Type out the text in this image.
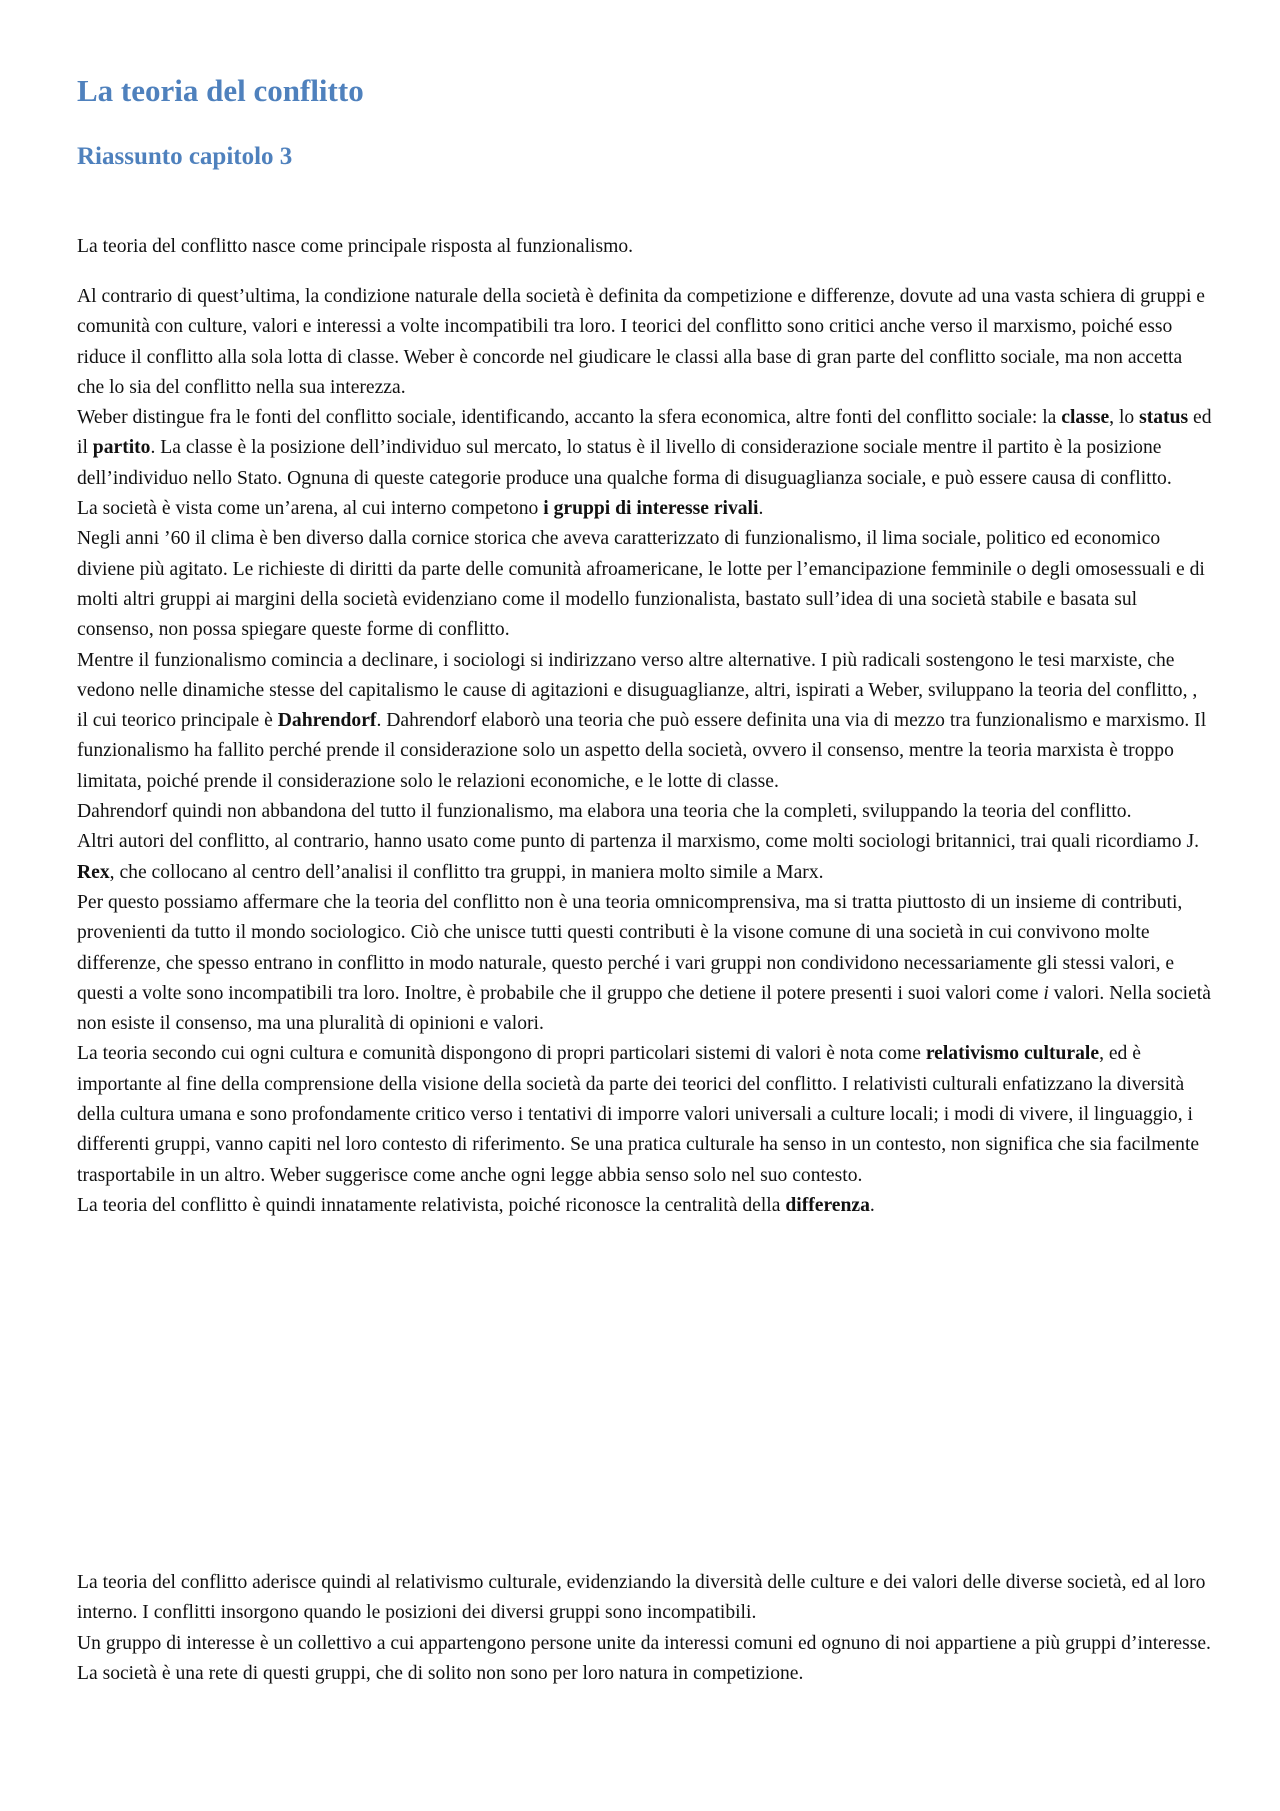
La teoria del conflitto
Riassunto capitolo 3

La teoria del conflitto nasce come principale risposta al funzionalismo.

Al contrario di quest’ultima, la condizione naturale della società è definita da competizione e differenze, dovute ad una vasta schiera di gruppi e comunità con culture, valori e interessi a volte incompatibili tra loro. I teorici del conflitto sono critici anche verso il marxismo, poiché esso riduce il conflitto alla sola lotta di classe. Weber è concorde nel giudicare le classi alla base di gran parte del conflitto sociale, ma non accetta che lo sia del conflitto nella sua interezza.

Weber distingue fra le fonti del conflitto sociale, identificando, accanto la sfera economica, altre fonti del conflitto sociale: la classe, lo status ed il partito. La classe è la posizione dell’individuo sul mercato, lo status è il livello di considerazione sociale mentre il partito è la posizione dell’individuo nello Stato. Ognuna di queste categorie produce una qualche forma di disuguaglianza sociale, e può essere causa di conflitto.

La società è vista come un’arena, al cui interno competono i gruppi di interesse rivali.

Negli anni ’60 il clima è ben diverso dalla cornice storica che aveva caratterizzato di funzionalismo, il lima sociale, politico ed economico diviene più agitato. Le richieste di diritti da parte delle comunità afroamericane, le lotte per l’emancipazione femminile o degli omosessuali e di molti altri gruppi ai margini della società evidenziano come il modello funzionalista, bastato sull’idea di una società stabile e basata sul consenso, non possa spiegare queste forme di conflitto.

Mentre il funzionalismo comincia a declinare, i sociologi si indirizzano verso altre alternative. I più radicali sostengono le tesi marxiste, che vedono nelle dinamiche stesse del capitalismo le cause di agitazioni e disuguaglianze, altri, ispirati a Weber, sviluppano la teoria del conflitto, , il cui teorico principale è Dahrendorf. Dahrendorf elaborò una teoria che può essere definita una via di mezzo tra funzionalismo e marxismo. Il funzionalismo ha fallito perché prende il considerazione solo un aspetto della società, ovvero il consenso, mentre la teoria marxista è troppo limitata, poiché prende il considerazione solo le relazioni economiche, e le lotte di classe.

Dahrendorf quindi non abbandona del tutto il funzionalismo, ma elabora una teoria che la completi, sviluppando la teoria del conflitto.

Altri autori del conflitto, al contrario, hanno usato come punto di partenza il marxismo, come molti sociologi britannici, trai quali ricordiamo J. Rex, che collocano al centro dell’analisi il conflitto tra gruppi, in maniera molto simile a Marx.

Per questo possiamo affermare che la teoria del conflitto non è una teoria omnicomprensiva, ma si tratta piuttosto di un insieme di contributi, provenienti da tutto il mondo sociologico. Ciò che unisce tutti questi contributi è la visone comune di una società in cui convivono molte differenze, che spesso entrano in conflitto in modo naturale, questo perché i vari gruppi non condividono necessariamente gli stessi valori, e questi a volte sono incompatibili tra loro. Inoltre, è probabile che il gruppo che detiene il potere presenti i suoi valori come i valori. Nella società non esiste il consenso, ma una pluralità di opinioni e valori.

La teoria secondo cui ogni cultura e comunità dispongono di propri particolari sistemi di valori è nota come relativismo culturale, ed è importante al fine della comprensione della visione della società da parte dei teorici del conflitto. I relativisti culturali enfatizzano la diversità della cultura umana e sono profondamente critico verso i tentativi di imporre valori universali a culture locali; i modi di vivere, il linguaggio, i differenti gruppi, vanno capiti nel loro contesto di riferimento. Se una pratica culturale ha senso in un contesto, non significa che sia facilmente trasportabile in un altro. Weber suggerisce come anche ogni legge abbia senso solo nel suo contesto.

La teoria del conflitto è quindi innatamente relativista, poiché riconosce la centralità della differenza.

La teoria del conflitto aderisce quindi al relativismo culturale, evidenziando la diversità delle culture e dei valori delle diverse società, ed al loro interno. I conflitti insorgono quando le posizioni dei diversi gruppi sono incompatibili.

Un gruppo di interesse è un collettivo a cui appartengono persone unite da interessi comuni ed ognuno di noi appartiene a più gruppi d’interesse. La società è una rete di questi gruppi, che di solito non sono per loro natura in competizione.
